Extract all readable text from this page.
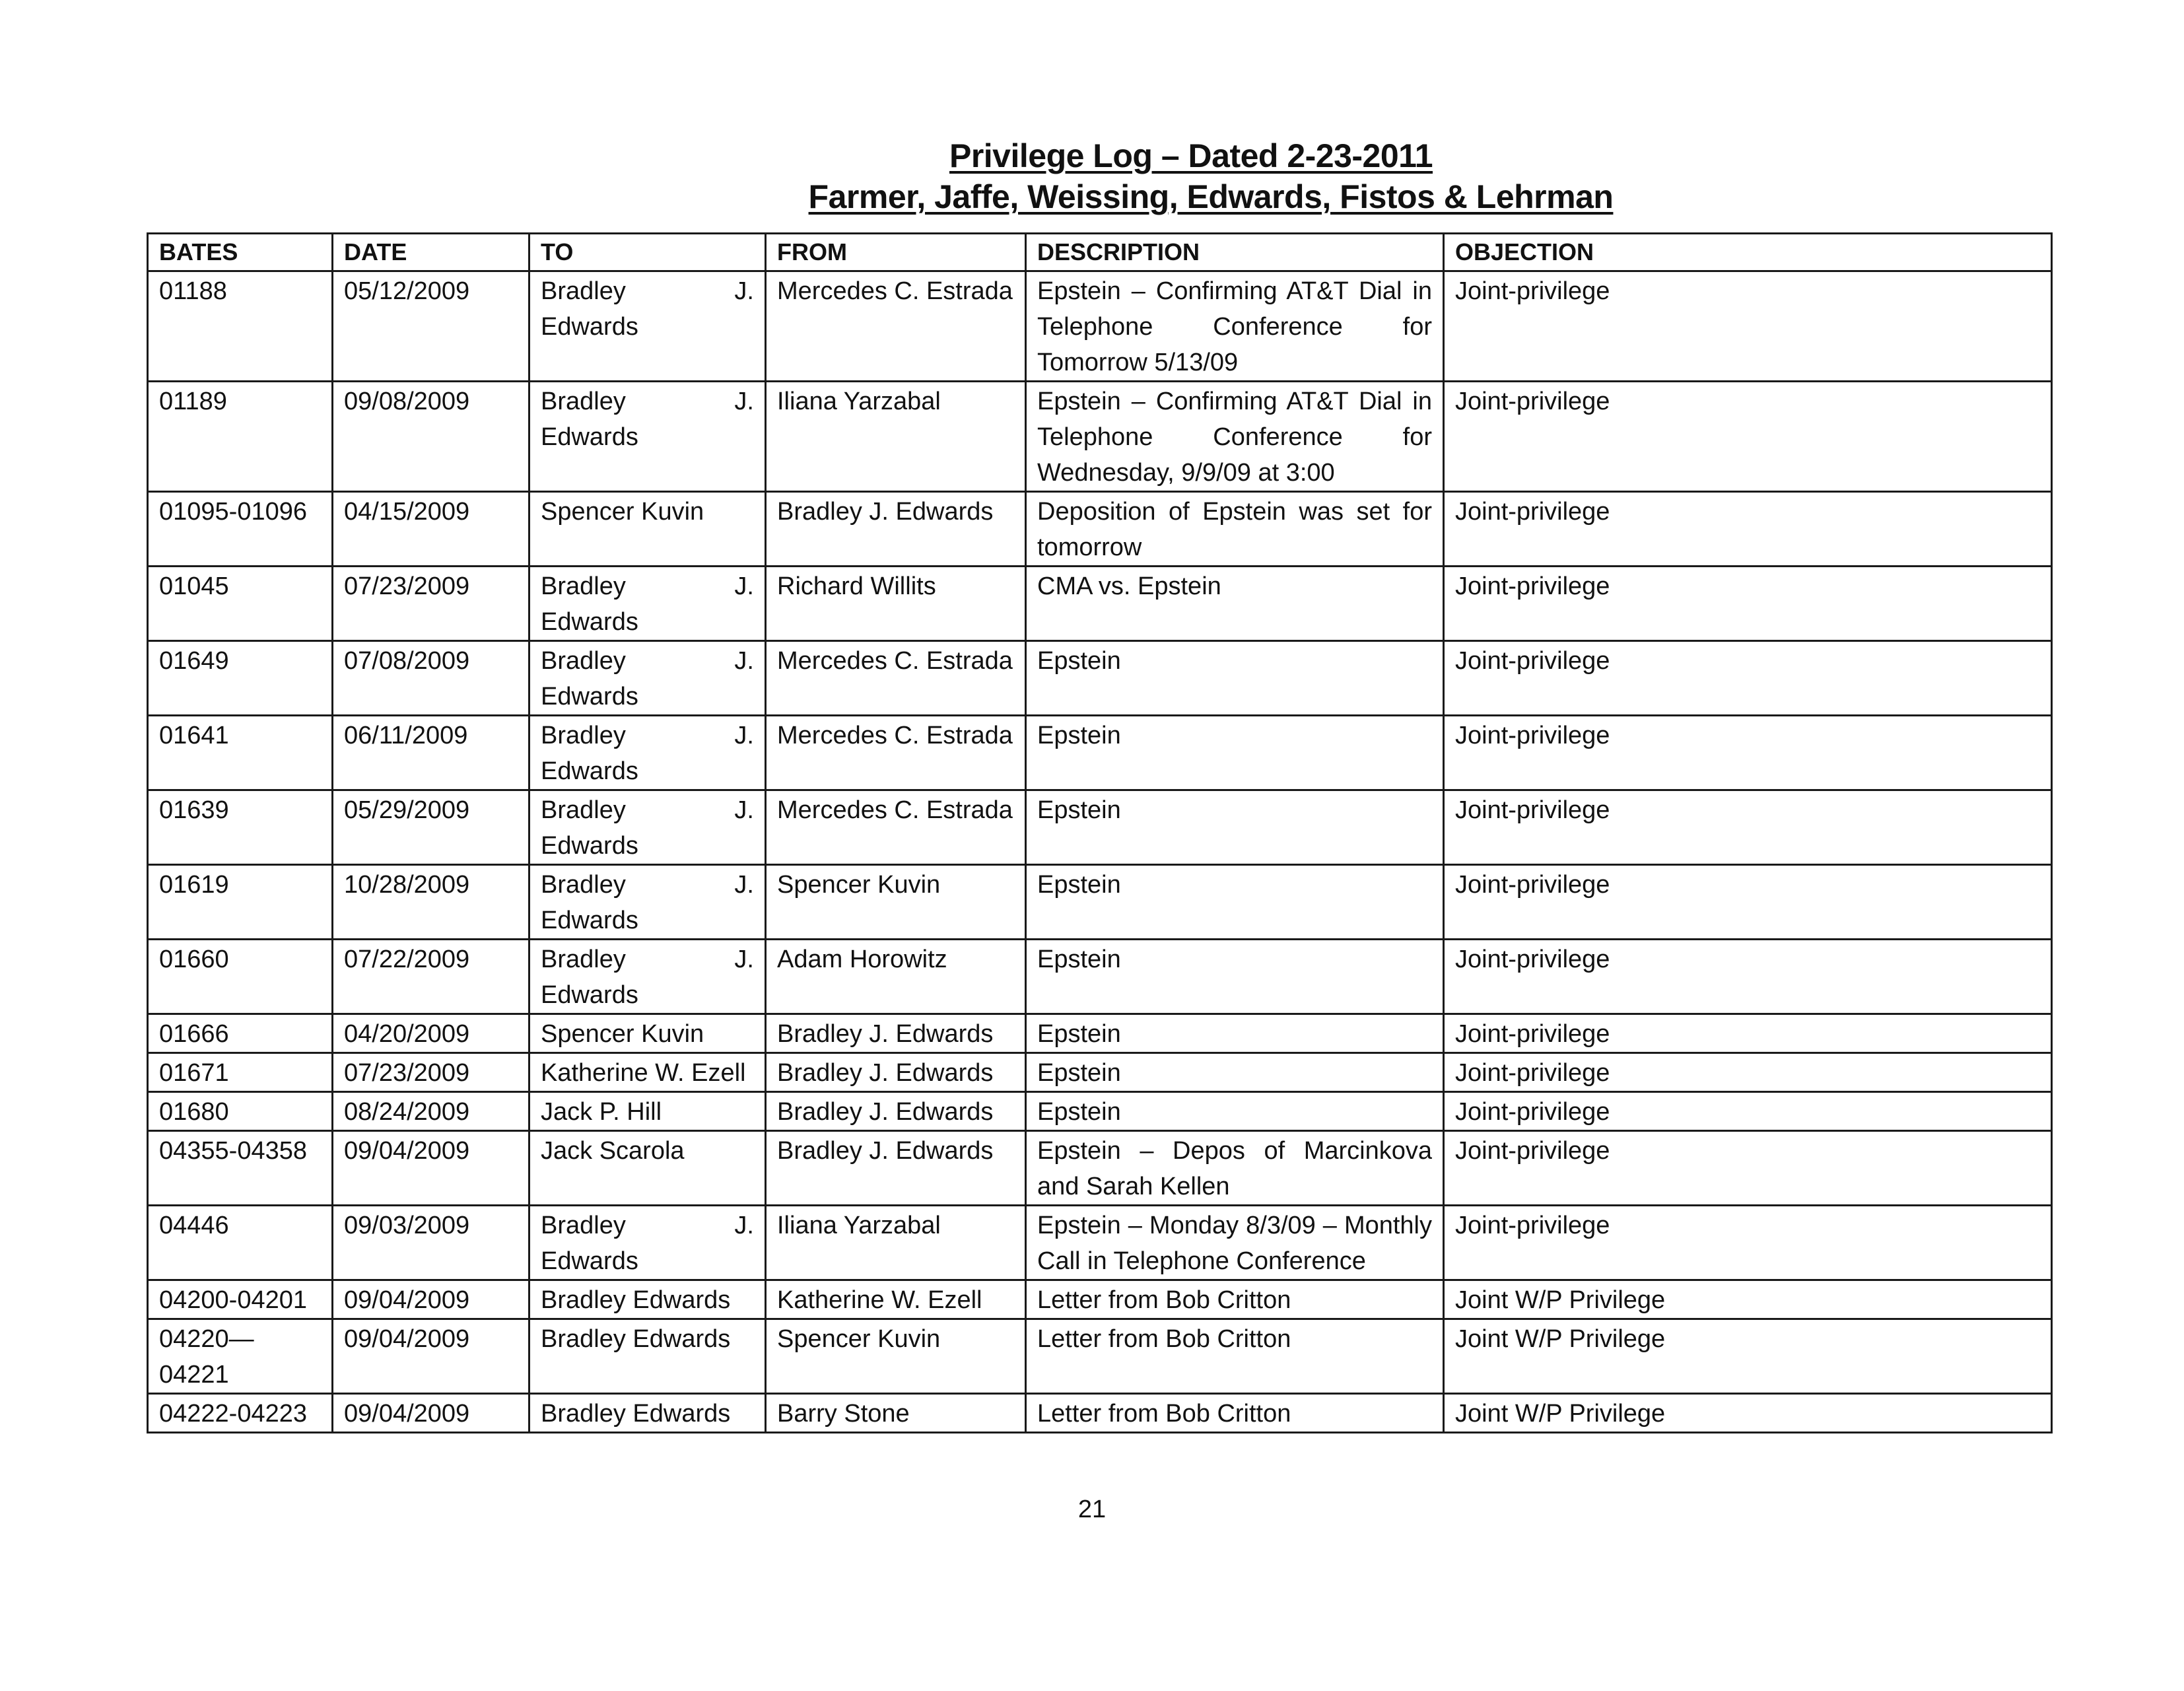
Privilege Log – Dated 2-23-2011
Farmer, Jaffe, Weissing, Edwards, Fistos & Lehrman
BATES	DATE	TO	FROM	DESCRIPTION	OBJECTION
01188	05/12/2009	Bradley J. Edwards	Mercedes C. Estrada	Epstein – Confirming AT&T Dial in Telephone Conference for Tomorrow 5/13/09	Joint-privilege
01189	09/08/2009	Bradley J. Edwards	Iliana Yarzabal	Epstein – Confirming AT&T Dial in Telephone Conference for Wednesday, 9/9/09 at 3:00	Joint-privilege
01095-01096	04/15/2009	Spencer Kuvin	Bradley J. Edwards	Deposition of Epstein was set for tomorrow	Joint-privilege
01045	07/23/2009	Bradley J. Edwards	Richard Willits	CMA vs. Epstein	Joint-privilege
01649	07/08/2009	Bradley J. Edwards	Mercedes C. Estrada	Epstein	Joint-privilege
01641	06/11/2009	Bradley J. Edwards	Mercedes C. Estrada	Epstein	Joint-privilege
01639	05/29/2009	Bradley J. Edwards	Mercedes C. Estrada	Epstein	Joint-privilege
01619	10/28/2009	Bradley J. Edwards	Spencer Kuvin	Epstein	Joint-privilege
01660	07/22/2009	Bradley J. Edwards	Adam Horowitz	Epstein	Joint-privilege
01666	04/20/2009	Spencer Kuvin	Bradley J. Edwards	Epstein	Joint-privilege
01671	07/23/2009	Katherine W. Ezell	Bradley J. Edwards	Epstein	Joint-privilege
01680	08/24/2009	Jack P. Hill	Bradley J. Edwards	Epstein	Joint-privilege
04355-04358	09/04/2009	Jack Scarola	Bradley J. Edwards	Epstein – Depos of Marcinkova and Sarah Kellen	Joint-privilege
04446	09/03/2009	Bradley J. Edwards	Iliana Yarzabal	Epstein – Monday 8/3/09 – Monthly Call in Telephone Conference	Joint-privilege
04200-04201	09/04/2009	Bradley Edwards	Katherine W. Ezell	Letter from Bob Critton	Joint W/P Privilege
04220—04221	09/04/2009	Bradley Edwards	Spencer Kuvin	Letter from Bob Critton	Joint W/P Privilege
04222-04223	09/04/2009	Bradley Edwards	Barry Stone	Letter from Bob Critton	Joint W/P Privilege
21
